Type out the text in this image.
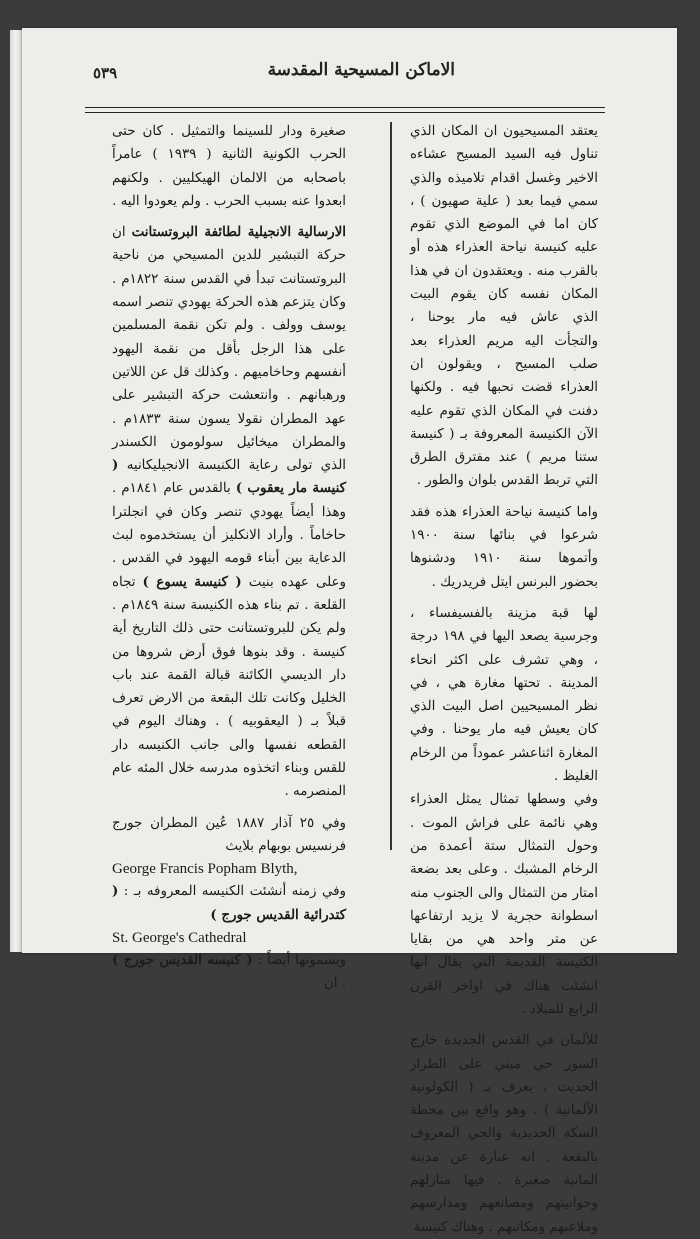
٥٣٩	الاماكن المسيحية المقدسة

يعتقد المسيحيون ان المكان الذي تناول فيه السيد المسيح عشاءه الاخير وغسل اقدام تلاميذه والذي سمي فيما بعد ( علية صهيون ) ، كان اما في الموضع الذي تقوم عليه كنيسة نياحة العذراء هذه أو بالقرب منه . ويعتقدون ان في هذا المكان نفسه كان يقوم البيت الذي عاش فيه مار يوحنا ، والتجأت اليه مريم العذراء بعد صلب المسيح ، ويقولون ان العذراء قضت نحبها فيه . ولكنها دفنت في المكان الذي تقوم عليه الآن الكنيسة المعروفة بـ ( كنيسة ستنا مريم ) عند مفترق الطرق التي تربط القدس بلوان والطور .

واما كنيسة نياحة العذراء هذه فقد شرعوا في بنائها سنة ١٩٠٠ وأتموها سنة ١٩١٠ ودشنوها بحضور البرنس ايتل فريدريك .

لها قبة مزينة بالفسيفساء ، وجرسية يصعد اليها في ١٩٨ درجة ، وهي تشرف على اكثر انحاء المدينة . تحتها مغارة هي ، في نظر المسيحيين اصل البيت الذي كان يعيش فيه مار يوحنا . وفي المغارة اثناعشر عموداً من الرخام الغليظ .

وفي وسطها تمثال يمثل العذراء وهي نائمة على فراش الموت . وحول التمثال ستة أعمدة من الرخام المشبك . وعلى بعد بضعة امتار من التمثال والى الجنوب منه اسطوانة حجرية لا يزيد ارتفاعها عن متر واحد هي من بقايا الكنيسة القديمة التي يقال انها انشئت هناك في اواخر القرن الرابع للميلاد .

للألمان في القدس الجديدة خارج السور حي مبني على الطراز الحديث ، يعرف بـ ( الكولونية الألمانية ) . وهو واقع بين محطة السكة الحديدية والحي المعروف بالبقعة . انه عبارة عن مدينة المانية صغيرة . فيها منازلهم وحوانيتهم ومصانعهم ومدارسهم وملاعبهم ومكاتبهم . وهناك كنيسة

صغيرة ودار للسينما والتمثيل . كان حتى الحرب الكونية الثانية ( ١٩٣٩ ) عامراً باصحابه من الالمان الهيكليين . ولكنهم ابعدوا عنه بسبب الحرب . ولم يعودوا اليه .

الارسالية الانجيلية لطائفة البروتستانت ان حركة التبشير للدين المسيحي من ناحية البروتستانت تبدأ في القدس سنة ١٨٢٢م . وكان يتزعم هذه الحركة يهودي تنصر اسمه يوسف وولف . ولم تكن نقمة المسلمين على هذا الرجل بأقل من نقمة اليهود أنفسهم وحاخاميهم . وكذلك قل عن اللاتين ورهبانهم . وانتعشت حركة التبشير على عهد المطران نقولا يسون سنة ١٨٣٣م . والمطران ميخائيل سولومون الكسندر الذي تولى رعاية الكنيسة الانجيليكانيه ( كنيسة مار يعقوب ) بالقدس عام ١٨٤١م . وهذا أيضاً يهودي تنصر وكان في انجلترا حاخاماً . وأراد الانكليز أن يستخدموه لبث الدعاية بين أبناء قومه اليهود في القدس . وعلى عهده بنيت ( كنيسة يسوع ) تجاه القلعة . تم بناء هذه الكنيسة سنة ١٨٤٩م . ولم يكن للبروتستانت حتى ذلك التاريخ أية كنيسة . وقد بنوها فوق أرض شروها من دار الديسي الكائنة قبالة القمة عند باب الخليل وكانت تلك البقعة من الارض تعرف قبلاً بـ ( اليعقوبيه ) . وهناك اليوم في القطعه نفسها والى جانب الكنيسه دار للقس وبناء اتخذوه مدرسه خلال المئه عام المنصرمه .

وفي ٢٥ آذار ١٨٨٧ عُين المطران جورج فرنسيس بوبهام بلايث

George Francis Popham Blyth,

وفي زمنه أنشئت الكنيسه المعروفه بـ : ( كتدرائية القديس جورج )

St. George's Cathedral

ويسمونها أيضاً : ( كنيسه القديس جورج ) . ان
